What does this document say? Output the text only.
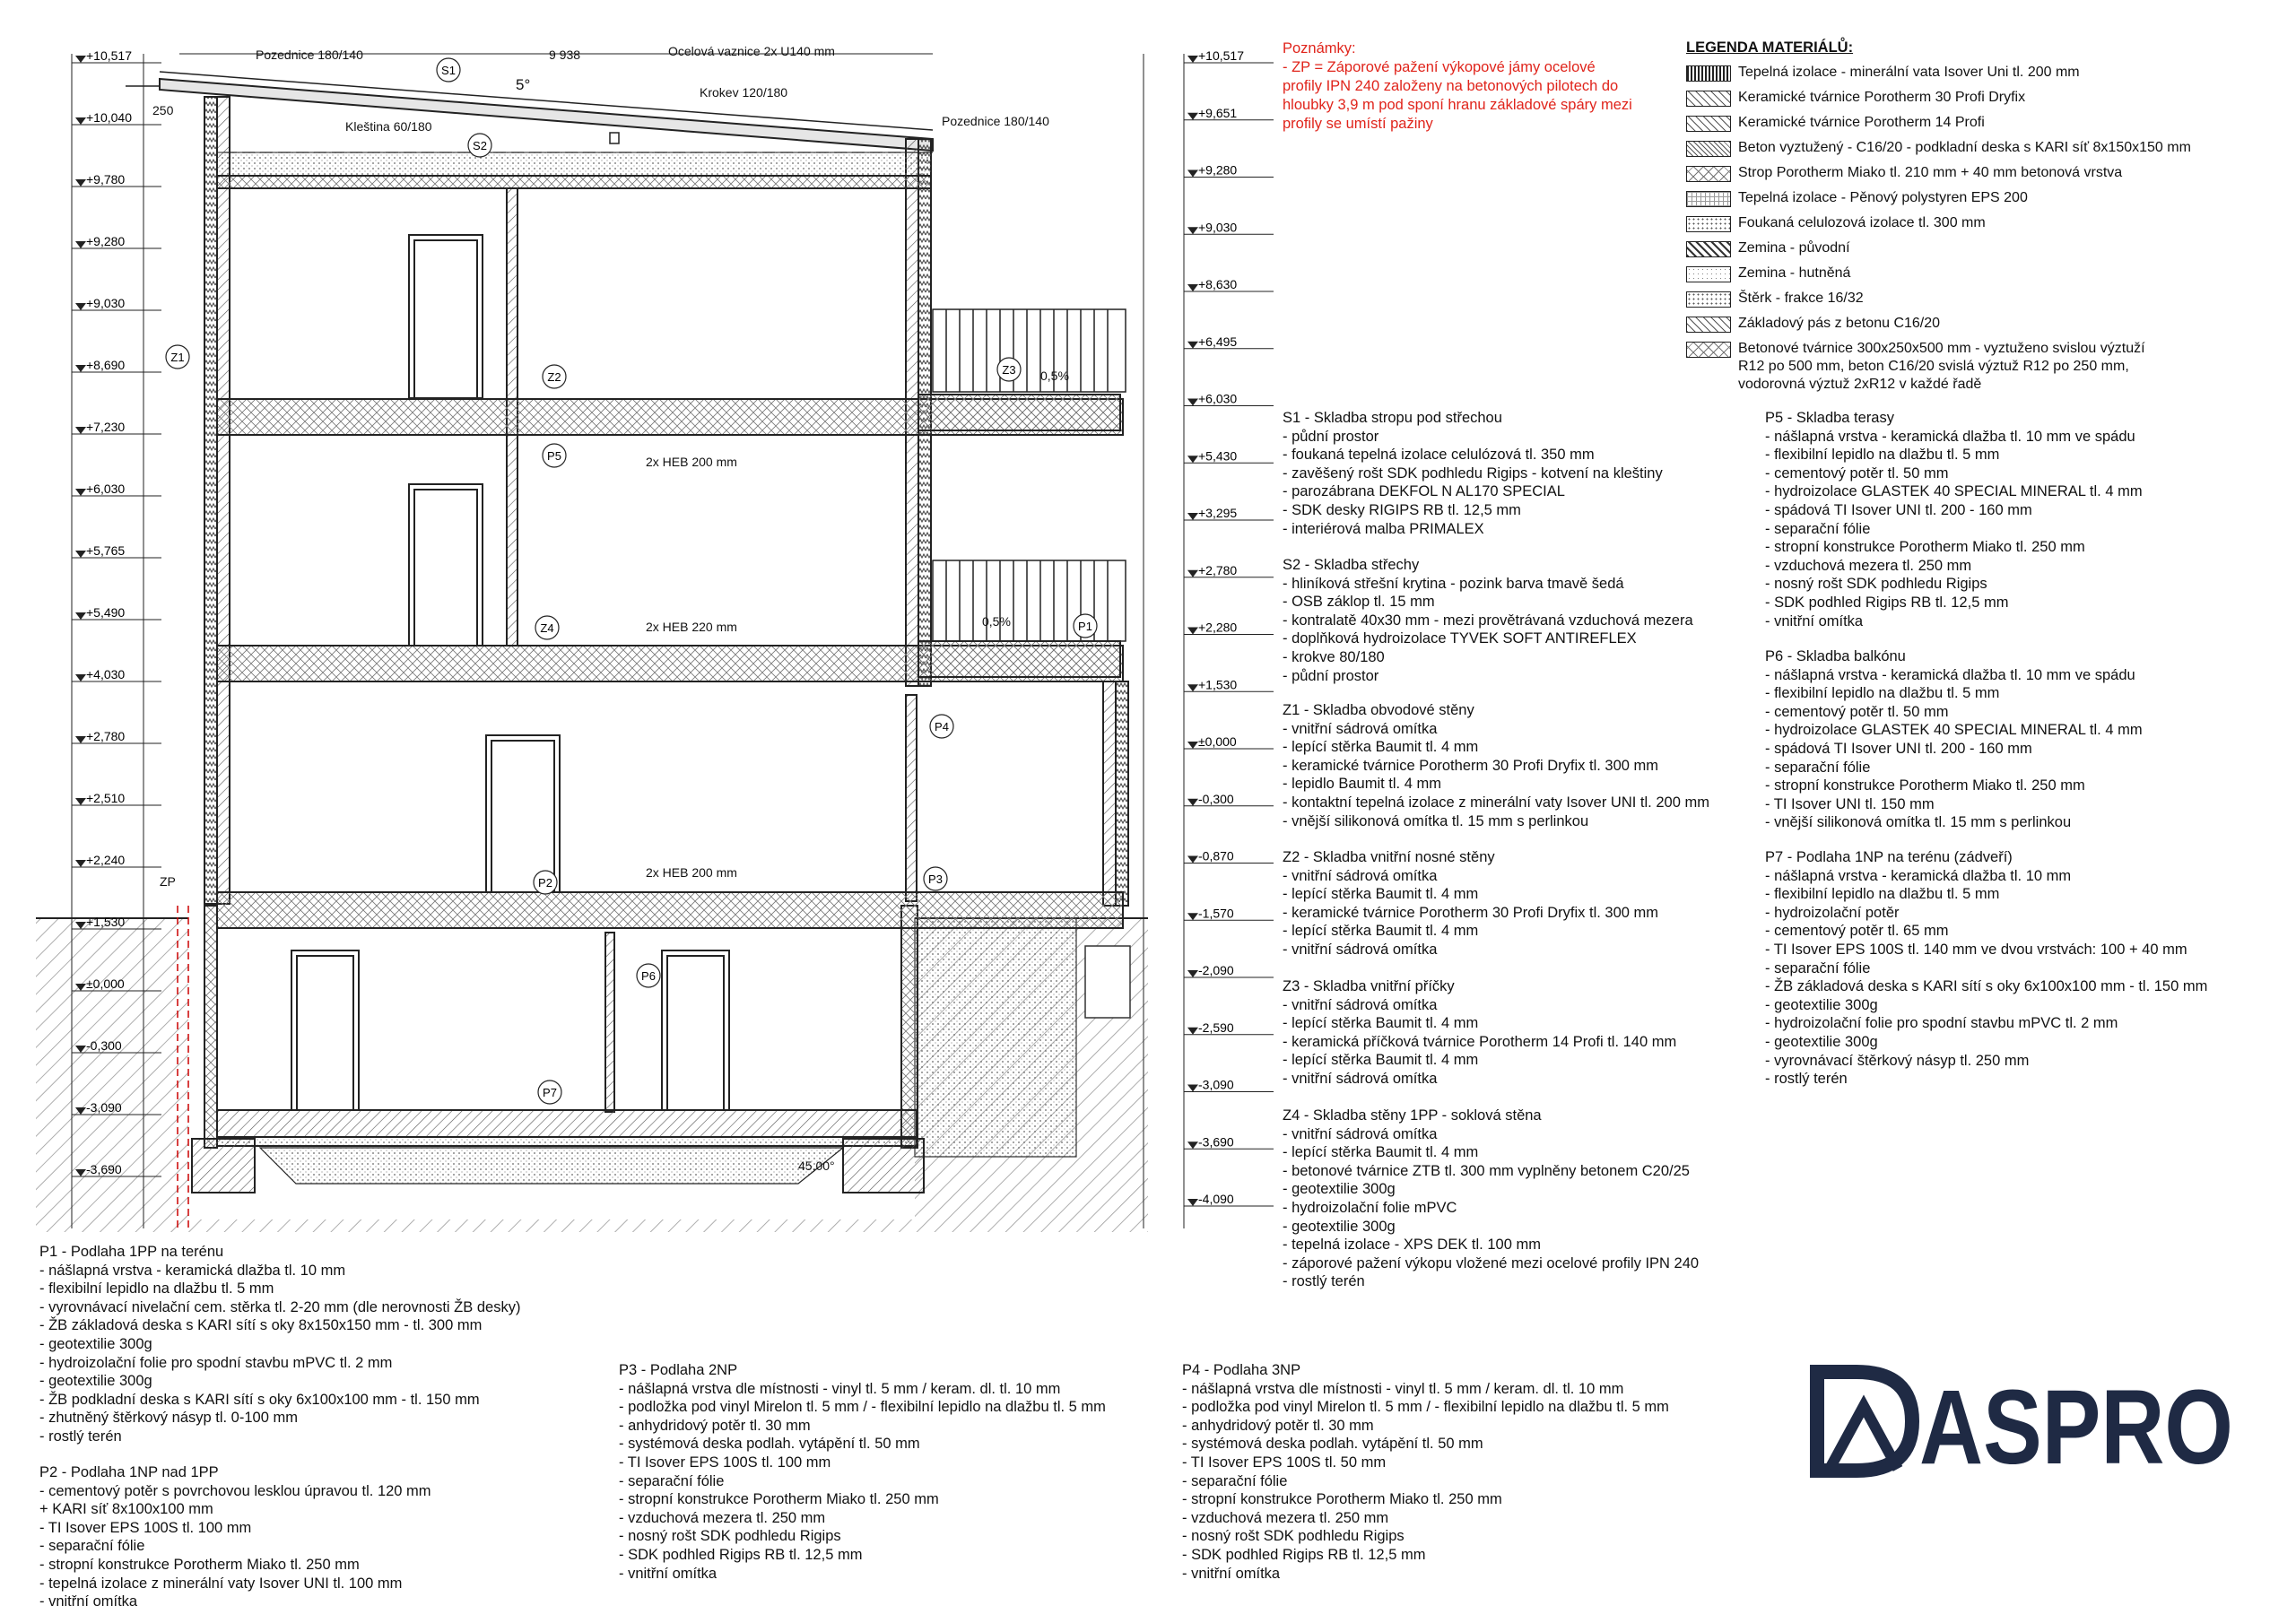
+10,517
+10,040
+9,780
+9,280
+9,030
+8,690
+7,230
+6,030
+5,765
+5,490
+4,030
+2,780
+2,510
+2,240
+1,530
±0,000
-0,300
-3,090
-3,690
+10,517
+9,651
+9,280
+9,030
+8,630
+6,495
+6,030
+5,430
+3,295
+2,780
+2,280
+1,530
±0,000
-0,300
-0,870
-1,570
-2,090
-2,590
-3,090
-3,690
-4,090
Pozednice 180/140	Ocelová vaznice 2x U140 mm
Krokev 120/180
Kleština 60/180	Pozednice 180/140
9 938
5°
250
2x HEB 200 mm
2x HEB 220 mm
2x HEB 200 mm
0,5%
0,5%
45,00°
ZP
S1
S2
Z1
Z2
Z3
Z4	P1
P2	P3
P4
P5
P6
P7
Poznámky:
- ZP = Záporové pažení výkopové jámy ocelové
profily IPN 240 založeny na betonových pilotech do
hloubky 3,9 m pod sponí hranu základové spáry mezi
profily se umístí pažiny
LEGENDA MATERIÁLŮ:
Tepelná izolace - minerální vata Isover Uni tl. 200 mm
Keramické tvárnice Porotherm 30 Profi Dryfix
Keramické tvárnice Porotherm 14 Profi
Beton vyztužený - C16/20 - podkladní deska s KARI síť 8x150x150 mm
Strop Porotherm Miako tl. 210 mm + 40 mm betonová vrstva
Tepelná izolace - Pěnový polystyren EPS 200
Foukaná celulozová izolace tl. 300 mm
Zemina - původní
Zemina - hutněná
Štěrk - frakce 16/32
Základový pás z betonu C16/20
Betonové tvárnice 300x250x500 mm - vyztuženo svislou výztuží
R12 po 500 mm, beton C16/20 svislá výztuž R12 po 250 mm,
vodorovná výztuž 2xR12 v každé řadě
S1 - Skladba stropu pod střechou
- půdní prostor
- foukaná tepelná izolace celulózová tl. 350 mm
- zavěšený rošt SDK podhledu Rigips - kotvení na kleštiny
- parozábrana DEKFOL N AL170 SPECIAL
- SDK desky RIGIPS RB tl. 12,5 mm
- interiérová malba PRIMALEX
S2 - Skladba střechy
- hliníková střešní krytina - pozink barva tmavě šedá
- OSB záklop tl. 15 mm
- kontralatě 40x30 mm - mezi provětrávaná vzduchová mezera
- doplňková hydroizolace TYVEK SOFT ANTIREFLEX
- krokve 80/180
- půdní prostor
Z1 - Skladba obvodové stěny
- vnitřní sádrová omítka
- lepící stěrka Baumit tl. 4 mm
- keramické tvárnice Porotherm 30 Profi Dryfix tl. 300 mm
- lepidlo Baumit tl. 4 mm
- kontaktní tepelná izolace z minerální vaty Isover UNI tl. 200 mm
- vnější silikonová omítka tl. 15 mm s perlinkou
Z2 - Skladba vnitřní nosné stěny
- vnitřní sádrová omítka
- lepící stěrka Baumit tl. 4 mm
- keramické tvárnice Porotherm 30 Profi Dryfix tl. 300 mm
- lepící stěrka Baumit tl. 4 mm
- vnitřní sádrová omítka
Z3 - Skladba vnitřní příčky
- vnitřní sádrová omítka
- lepící stěrka Baumit tl. 4 mm
- keramická příčková tvárnice Porotherm 14 Profi tl. 140 mm
- lepící stěrka Baumit tl. 4 mm
- vnitřní sádrová omítka
Z4 - Skladba stěny 1PP - soklová stěna
- vnitřní sádrová omítka
- lepící stěrka Baumit tl. 4 mm
- betonové tvárnice ZTB tl. 300 mm vyplněny betonem C20/25
- geotextilie 300g
- hydroizolační folie mPVC
- geotextilie 300g
- tepelná izolace - XPS DEK tl. 100 mm
- záporové pažení výkopu vložené mezi ocelové profily IPN 240
- rostlý terén
P5 - Skladba terasy
- nášlapná vrstva - keramická dlažba tl. 10 mm ve spádu
- flexibilní lepidlo na dlažbu tl. 5 mm
- cementový potěr tl. 50 mm
- hydroizolace GLASTEK 40 SPECIAL MINERAL tl. 4 mm
- spádová TI Isover UNI tl. 200 - 160 mm
- separační fólie
- stropní konstrukce Porotherm Miako tl. 250 mm
- vzduchová mezera tl. 250 mm
- nosný rošt SDK podhledu Rigips
- SDK podhled Rigips RB tl. 12,5 mm
- vnitřní omítka
P6 - Skladba balkónu
- nášlapná vrstva - keramická dlažba tl. 10 mm ve spádu
- flexibilní lepidlo na dlažbu tl. 5 mm
- cementový potěr tl. 50 mm
- hydroizolace GLASTEK 40 SPECIAL MINERAL tl. 4 mm
- spádová TI Isover UNI tl. 200 - 160 mm
- separační fólie
- stropní konstrukce Porotherm Miako tl. 250 mm
- TI Isover UNI tl. 150 mm
- vnější silikonová omítka tl. 15 mm s perlinkou
P7 - Podlaha 1NP na terénu (zádveří)
- nášlapná vrstva - keramická dlažba tl. 10 mm
- flexibilní lepidlo na dlažbu tl. 5 mm
- hydroizolační potěr
- cementový potěr tl. 65 mm
- TI Isover EPS 100S tl. 140 mm ve dvou vrstvách: 100 + 40 mm
- separační fólie
- ŽB základová deska s KARI sítí s oky 6x100x100 mm - tl. 150 mm
- geotextilie 300g
- hydroizolační folie pro spodní stavbu mPVC tl. 2 mm
- geotextilie 300g
- vyrovnávací štěrkový násyp tl. 250 mm
- rostlý terén
P1 - Podlaha 1PP na terénu
- nášlapná vrstva - keramická dlažba tl. 10 mm
- flexibilní lepidlo na dlažbu tl. 5 mm
- vyrovnávací nivelační cem. stěrka tl. 2-20 mm (dle nerovnosti ŽB desky)
- ŽB základová deska s KARI sítí s oky 8x150x150 mm - tl. 300 mm
- geotextilie 300g
- hydroizolační folie pro spodní stavbu mPVC tl. 2 mm
- geotextilie 300g
- ŽB podkladní deska s KARI sítí s oky 6x100x100 mm - tl. 150 mm
- zhutněný štěrkový násyp tl. 0-100 mm
- rostlý terén
P2 - Podlaha 1NP nad 1PP
- cementový potěr s povrchovou lesklou úpravou tl. 120 mm
+ KARI síť 8x100x100 mm
- TI Isover EPS 100S tl. 100 mm
- separační fólie
- stropní konstrukce Porotherm Miako tl. 250 mm
- tepelná izolace z minerální vaty Isover UNI tl. 100 mm
- vnitřní omítka
P3 - Podlaha 2NP
- nášlapná vrstva dle místnosti - vinyl tl. 5 mm / keram. dl. tl. 10 mm
- podložka pod vinyl Mirelon tl. 5 mm / - flexibilní lepidlo na dlažbu tl. 5 mm
- anhydridový potěr tl. 30 mm
- systémová deska podlah. vytápění tl. 50 mm
- TI Isover EPS 100S tl. 100 mm
- separační fólie
- stropní konstrukce Porotherm Miako tl. 250 mm
- vzduchová mezera tl. 250 mm
- nosný rošt SDK podhledu Rigips
- SDK podhled Rigips RB tl. 12,5 mm
- vnitřní omítka
P4 - Podlaha 3NP
- nášlapná vrstva dle místnosti - vinyl tl. 5 mm / keram. dl. tl. 10 mm
- podložka pod vinyl Mirelon tl. 5 mm / - flexibilní lepidlo na dlažbu tl. 5 mm
- anhydridový potěr tl. 30 mm
- systémová deska podlah. vytápění tl. 50 mm
- TI Isover EPS 100S tl. 50 mm
- separační fólie
- stropní konstrukce Porotherm Miako tl. 250 mm
- vzduchová mezera tl. 250 mm
- nosný rošt SDK podhledu Rigips
- SDK podhled Rigips RB tl. 12,5 mm
- vnitřní omítka
ASPRO
